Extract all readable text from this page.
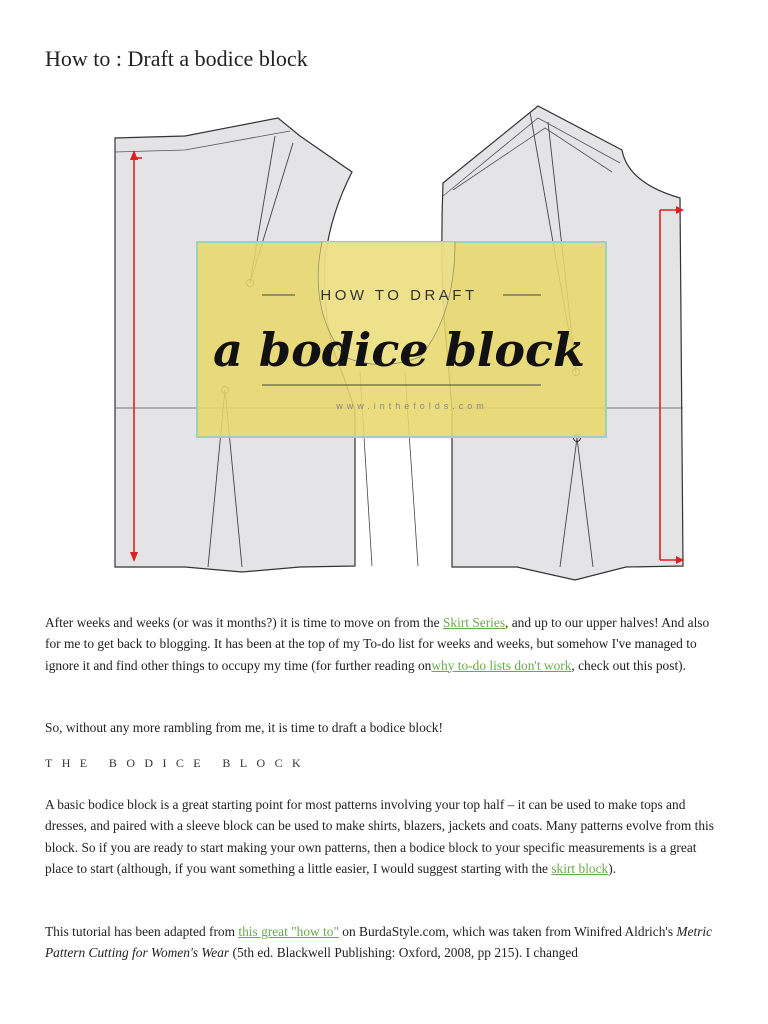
How to : Draft a bodice block
HOW TO DRAFT
a bodice block
www.inthefolds.com

After weeks and weeks (or was it months?) it is time to move on from the Skirt Series, and up to our upper halves! And also for me to get back to blogging. It has been at the top of my To-do list for weeks and weeks, but somehow I've managed to ignore it and find other things to occupy my time (for further reading onwhy to-do lists don't work, check out this post).

So, without any more rambling from me, it is time to draft a bodice block!

THE BODICE BLOCK

A basic bodice block is a great starting point for most patterns involving your top half – it can be used to make tops and dresses, and paired with a sleeve block can be used to make shirts, blazers, jackets and coats. Many patterns evolve from this block. So if you are ready to start making your own patterns, then a bodice block to your specific measurements is a great place to start (although, if you want something a little easier, I would suggest starting with the skirt block).

This tutorial has been adapted from this great "how to" on BurdaStyle.com, which was taken from Winifred Aldrich's Metric Pattern Cutting for Women's Wear (5th ed. Blackwell Publishing: Oxford, 2008, pp 215). I changed
